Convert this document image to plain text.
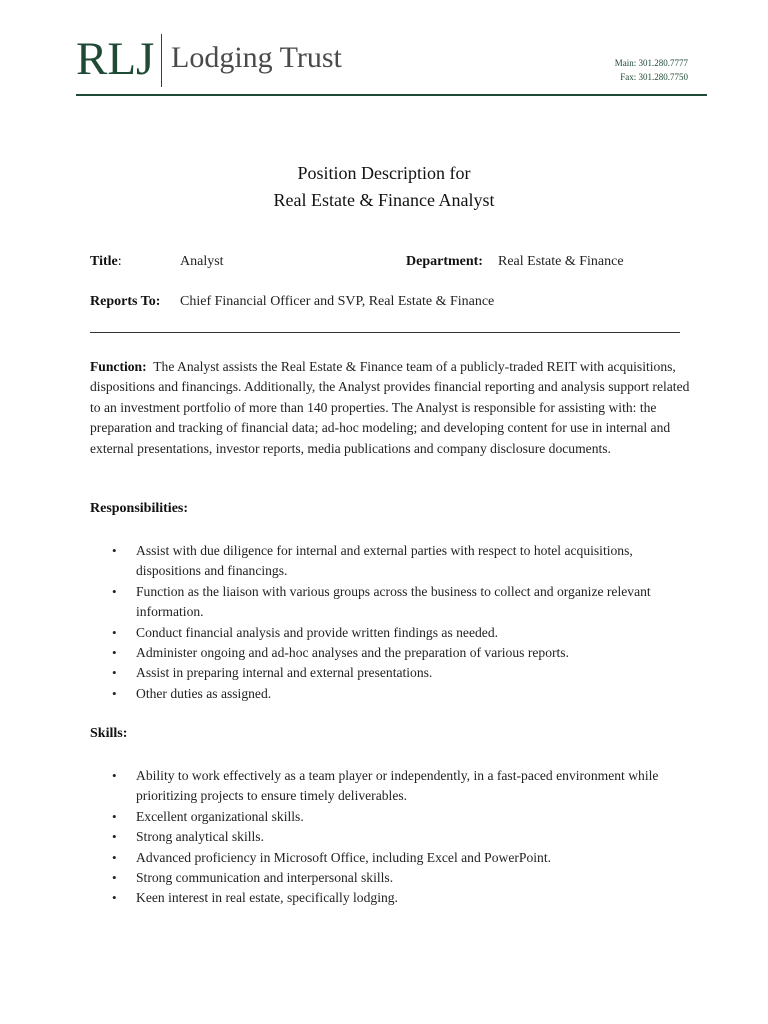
RLJ Lodging Trust	Main: 301.280.7777
Fax: 301.280.7750
Position Description for
Real Estate & Finance Analyst
Title:	Analyst	Department: Real Estate & Finance
Reports To: Chief Financial Officer and SVP, Real Estate & Finance
Function: The Analyst assists the Real Estate & Finance team of a publicly-traded REIT with acquisitions, dispositions and financings. Additionally, the Analyst provides financial reporting and analysis support related to an investment portfolio of more than 140 properties. The Analyst is responsible for assisting with: the preparation and tracking of financial data; ad-hoc modeling; and developing content for use in internal and external presentations, investor reports, media publications and company disclosure documents.
Responsibilities:
• Assist with due diligence for internal and external parties with respect to hotel acquisitions, dispositions and financings.
• Function as the liaison with various groups across the business to collect and organize relevant information.
• Conduct financial analysis and provide written findings as needed.
• Administer ongoing and ad-hoc analyses and the preparation of various reports.
• Assist in preparing internal and external presentations.
• Other duties as assigned.
Skills:
• Ability to work effectively as a team player or independently, in a fast-paced environment while prioritizing projects to ensure timely deliverables.
• Excellent organizational skills.
• Strong analytical skills.
• Advanced proficiency in Microsoft Office, including Excel and PowerPoint.
• Strong communication and interpersonal skills.
• Keen interest in real estate, specifically lodging.
